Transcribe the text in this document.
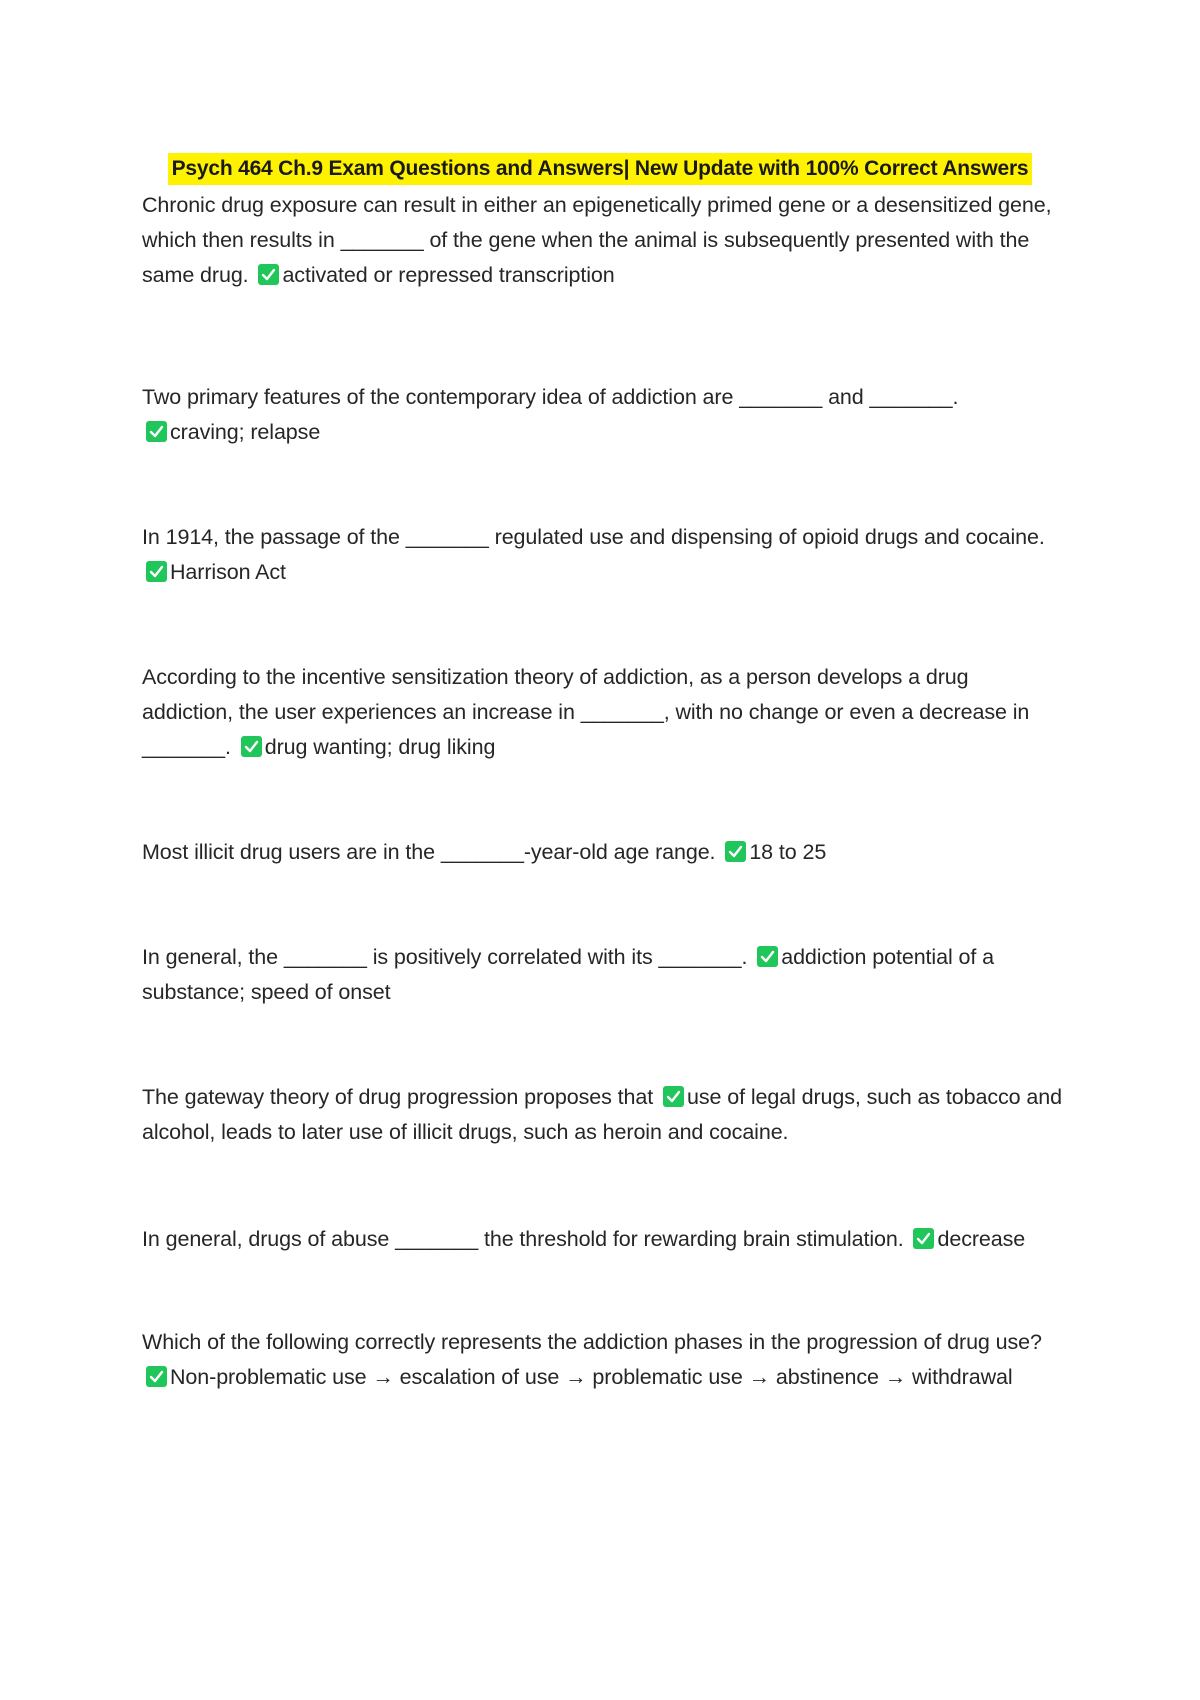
Psych 464 Ch.9 Exam Questions and Answers| New Update with 100% Correct Answers
Chronic drug exposure can result in either an epigenetically primed gene or a desensitized gene, which then results in _______ of the gene when the animal is subsequently presented with the same drug. activated or repressed transcription
Two primary features of the contemporary idea of addiction are _______ and _______.

craving; relapse
In 1914, the passage of the _______ regulated use and dispensing of opioid drugs and cocaine.

Harrison Act
According to the incentive sensitization theory of addiction, as a person develops a drug addiction, the user experiences an increase in _______, with no change or even a decrease in _______. drug wanting; drug liking
Most illicit drug users are in the _______-year-old age range. 18 to 25
In general, the _______ is positively correlated with its _______. addiction potential of a substance; speed of onset
The gateway theory of drug progression proposes that use of legal drugs, such as tobacco and alcohol, leads to later use of illicit drugs, such as heroin and cocaine.
In general, drugs of abuse _______ the threshold for rewarding brain stimulation. decrease
Which of the following correctly represents the addiction phases in the progression of drug use?
Non-problematic use → escalation of use → problematic use → abstinence → withdrawal
